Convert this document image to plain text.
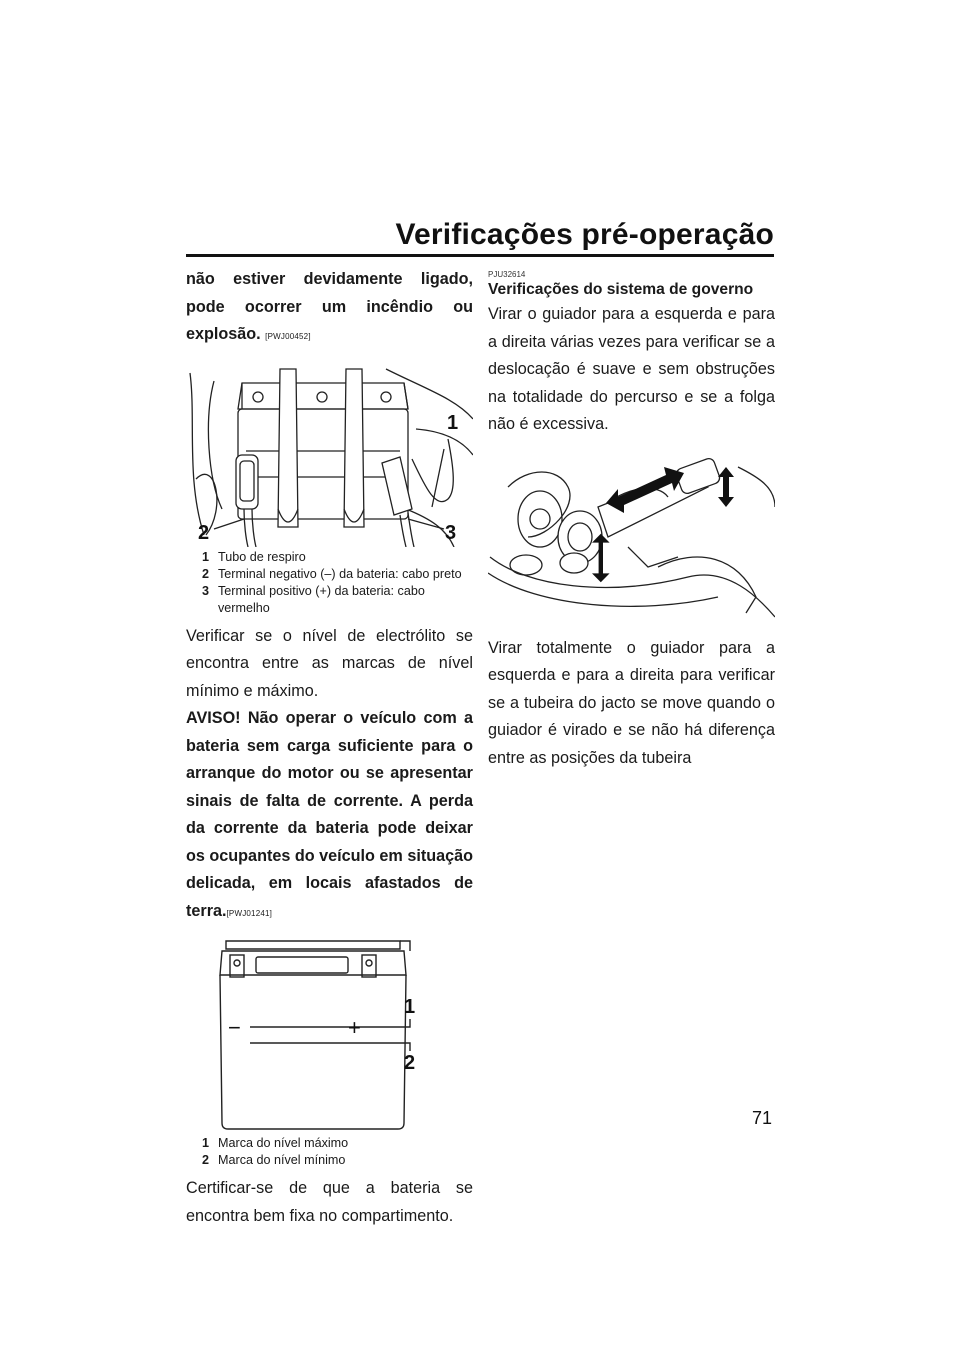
Verificações pré-operação

não estiver devidamente ligado, pode ocorrer um incêndio ou explosão. [PWJ00452]

1
2	3
1 Tubo de respiro
2 Terminal negativo (–) da bateria: cabo preto
3 Terminal positivo (+) da bateria: cabo vermelho

Verificar se o nível de electrólito se encontra entre as marcas de nível mínimo e máximo.

AVISO! Não operar o veículo com a bateria sem carga suficiente para o arranque do motor ou se apresentar sinais de falta de corrente. A perda da corrente da bateria pode deixar os ocupantes do veículo em situação delicada, em locais afastados de terra.[PWJ01241]

−	+
1
2
1 Marca do nível máximo
2 Marca do nível mínimo

Certificar-se de que a bateria se encontra bem fixa no compartimento.

PJU32614
Verificações do sistema de governo

Virar o guiador para a esquerda e para a direita várias vezes para verificar se a deslocação é suave e sem obstruções na totalidade do percurso e se a folga não é excessiva.

Virar totalmente o guiador para a esquerda e para a direita para verificar se a tubeira do jacto se move quando o guiador é virado e se não há diferença entre as posições da tubeira

71
